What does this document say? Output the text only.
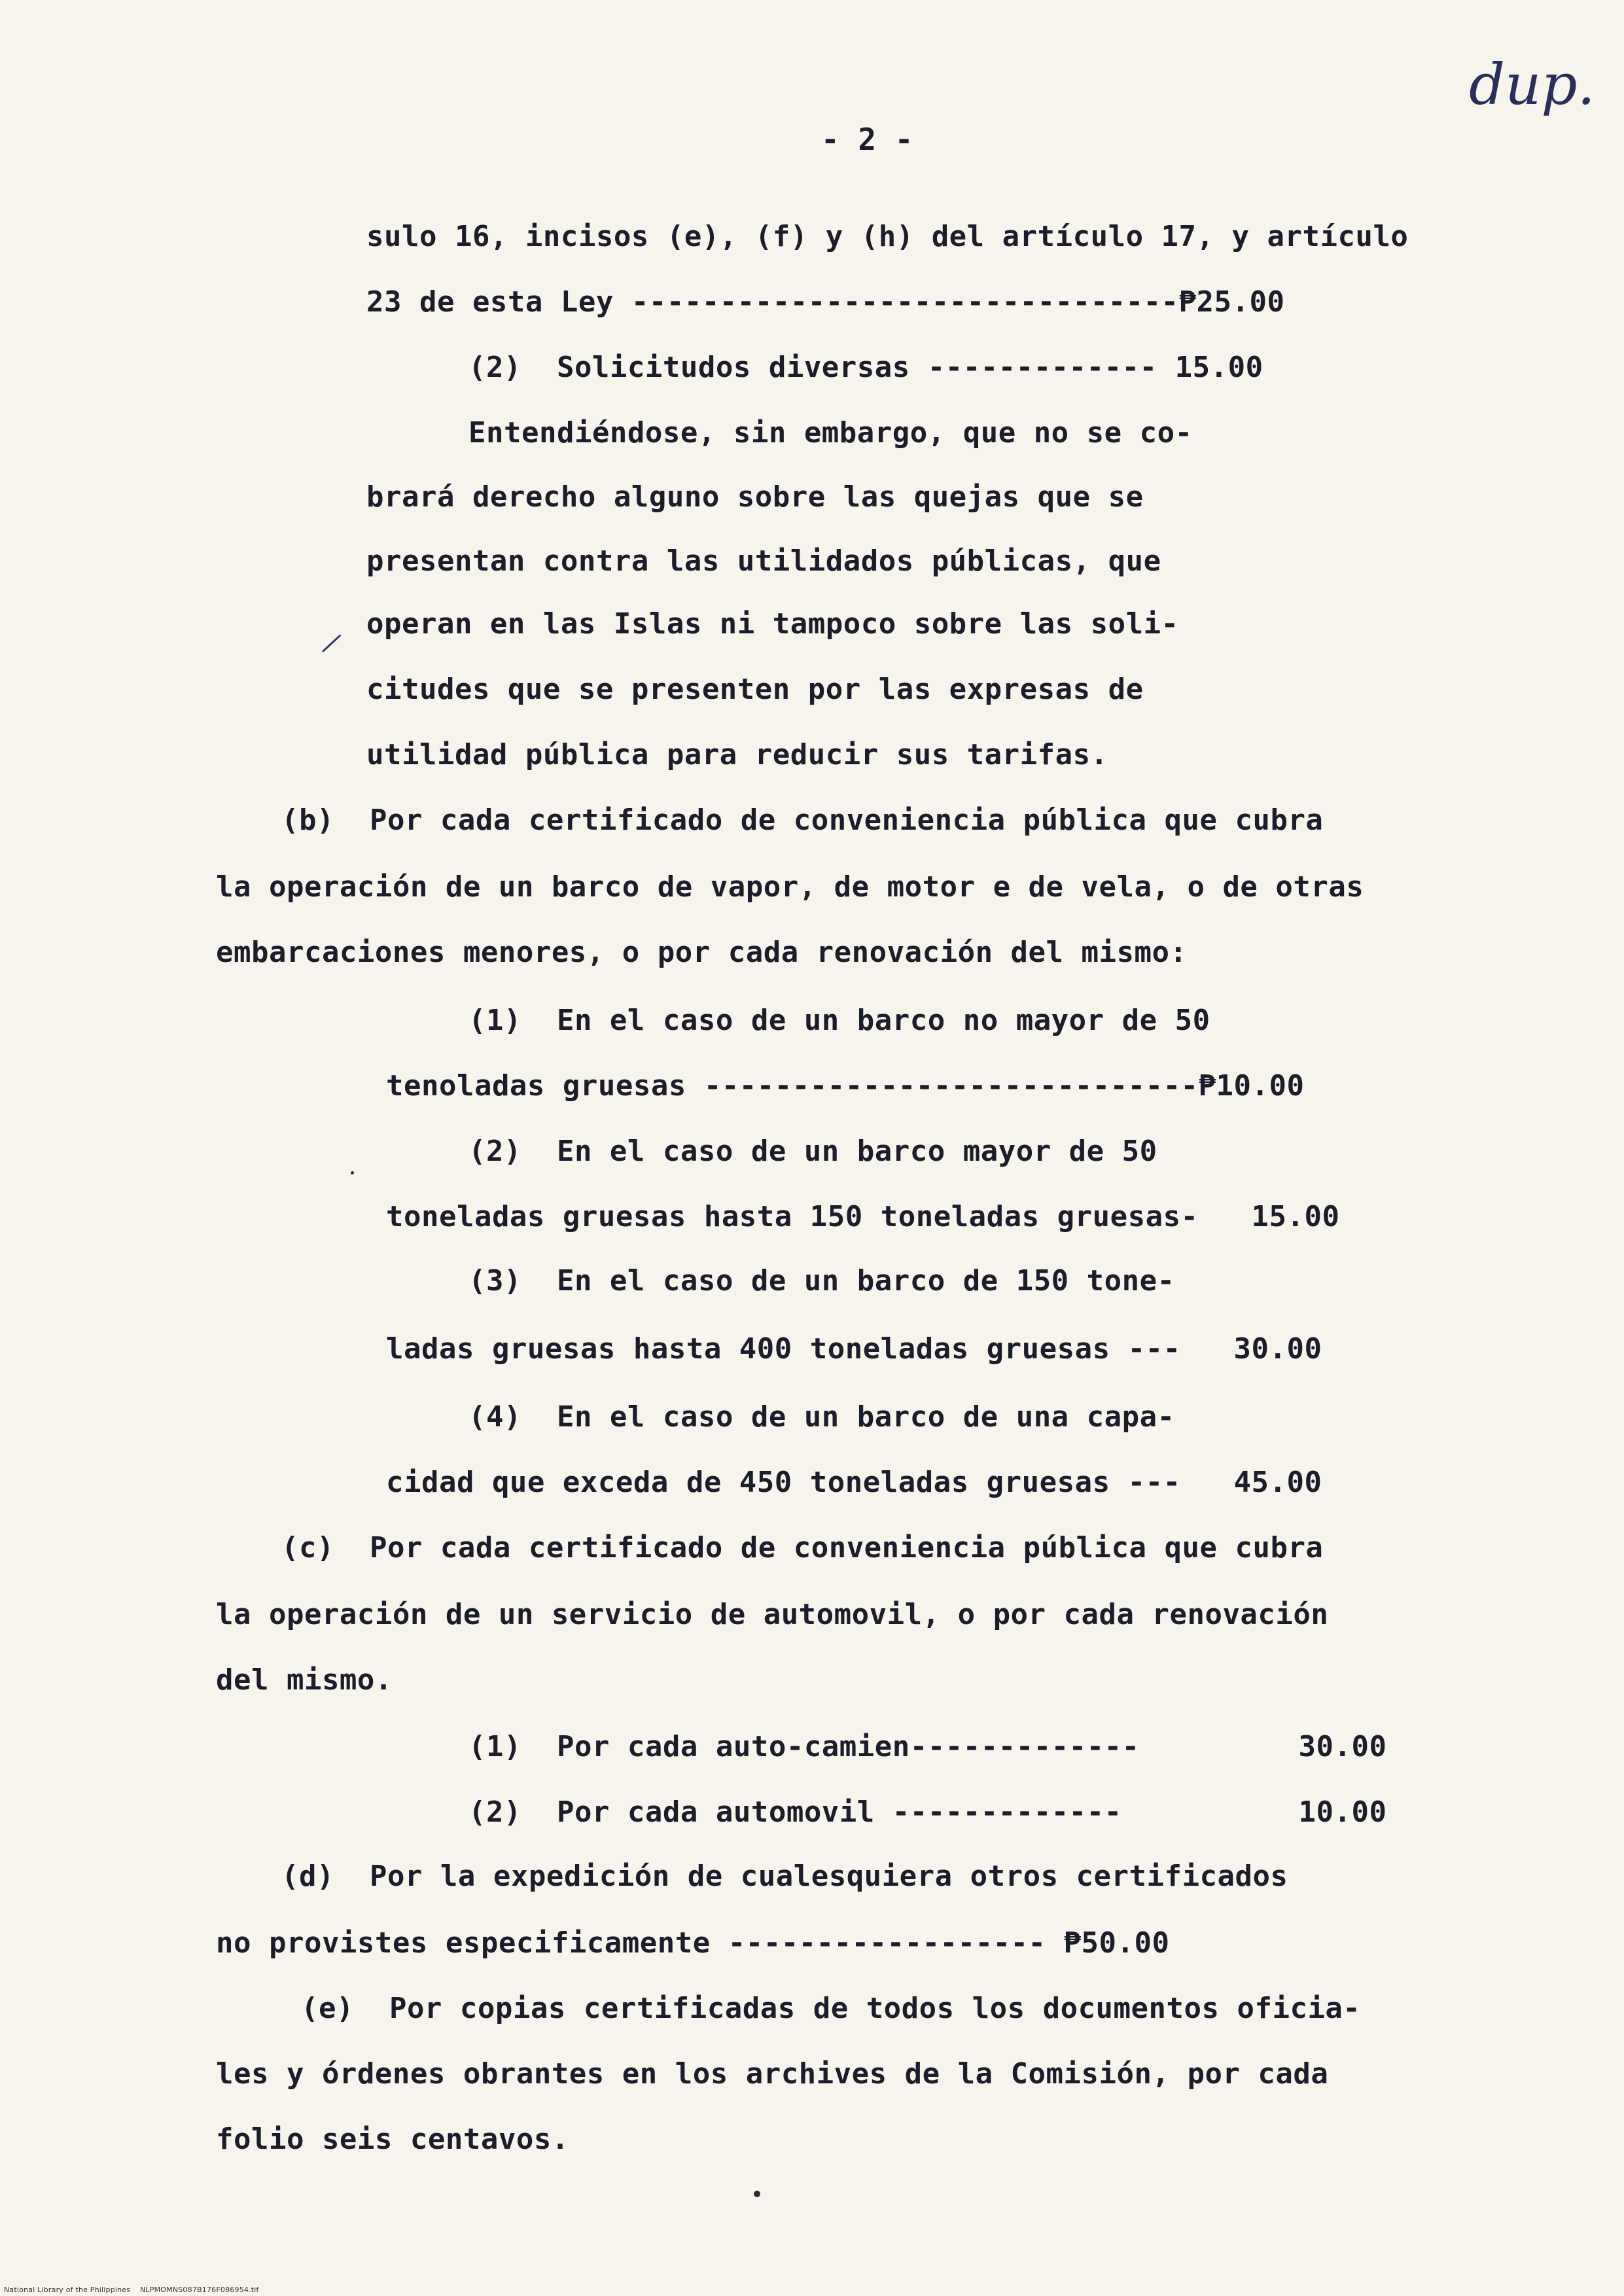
dup.
- 2 -
sulo 16, incisos (e), (f) y (h) del artículo 17, y artículo
23 de esta Ley -------------------------------₱25.00
(2)  Solicitudos diversas ------------- 15.00
Entendiéndose, sin embargo, que no se co-
brará derecho alguno sobre las quejas que se
presentan contra las utilidados públicas, que
operan en las Islas ni tampoco sobre las soli-
citudes que se presenten por las expresas de
utilidad pública para reducir sus tarifas.
(b)  Por cada certificado de conveniencia pública que cubra
la operación de un barco de vapor, de motor e de vela, o de otras
embarcaciones menores, o por cada renovación del mismo:
(1)  En el caso de un barco no mayor de 50
tenoladas gruesas ----------------------------₱10.00
(2)  En el caso de un barco mayor de 50
toneladas gruesas hasta 150 toneladas gruesas-   15.00
(3)  En el caso de un barco de 150 tone-
ladas gruesas hasta 400 toneladas gruesas ---   30.00
(4)  En el caso de un barco de una capa-
cidad que exceda de 450 toneladas gruesas ---   45.00
(c)  Por cada certificado de conveniencia pública que cubra
la operación de un servicio de automovil, o por cada renovación
del mismo.
(1)  Por cada auto-camien-------------         30.00
(2)  Por cada automovil -------------          10.00
(d)  Por la expedición de cualesquiera otros certificados
no provistes especificamente ------------------ ₱50.00
(e)  Por copias certificadas de todos los documentos oficia-
les y órdenes obrantes en los archives de la Comisión, por cada
folio seis centavos.
/
National Library of the Philippines    NLPMOMNS087B176F086954.tif
